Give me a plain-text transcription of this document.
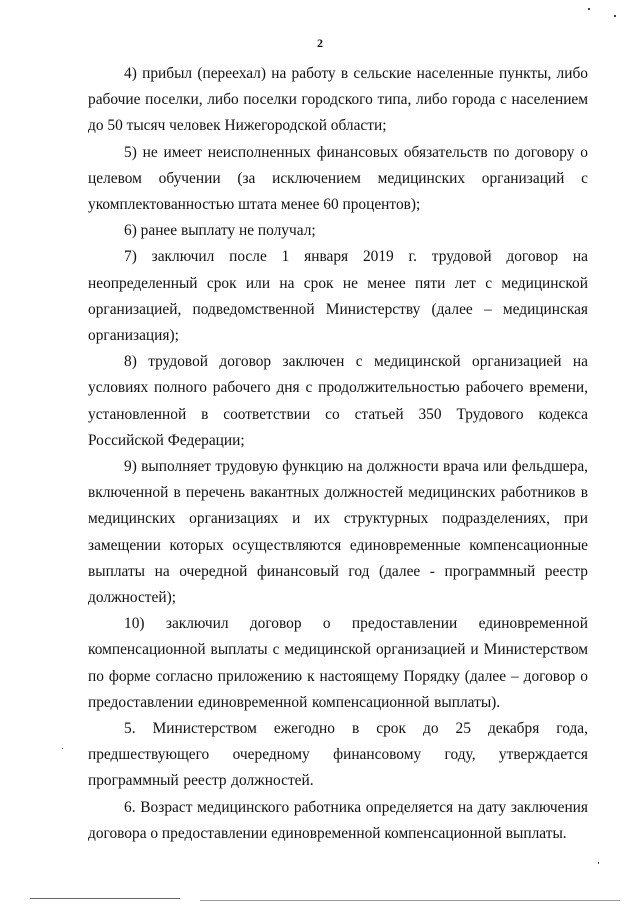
2

4) прибыл (переехал) на работу в сельские населенные пункты, либо рабочие поселки, либо поселки городского типа, либо города с населением до 50 тысяч человек Нижегородской области;

5) не имеет неисполненных финансовых обязательств по договору о целевом обучении (за исключением медицинских организаций с укомплектованностью штата менее 60 процентов);

6) ранее выплату не получал;

7) заключил после 1 января 2019 г. трудовой договор на неопределенный срок или на срок не менее пяти лет с медицинской организацией, подведомственной Министерству (далее – медицинская организация);

8) трудовой договор заключен с медицинской организацией на условиях полного рабочего дня с продолжительностью рабочего времени, установленной в соответствии со статьей 350 Трудового кодекса Российской Федерации;

9) выполняет трудовую функцию на должности врача или фельдшера, включенной в перечень вакантных должностей медицинских работников в медицинских организациях и их структурных подразделениях, при замещении которых осуществляются единовременные компенсационные выплаты на очередной финансовый год (далее - программный реестр должностей);

10) заключил договор о предоставлении единовременной компенсационной выплаты с медицинской организацией и Министерством по форме согласно приложению к настоящему Порядку (далее – договор о предоставлении единовременной компенсационной выплаты).

5. Министерством ежегодно в срок до 25 декабря года, предшествующего очередному финансовому году, утверждается программный реестр должностей.

6. Возраст медицинского работника определяется на дату заключения договора о предоставлении единовременной компенсационной выплаты.
